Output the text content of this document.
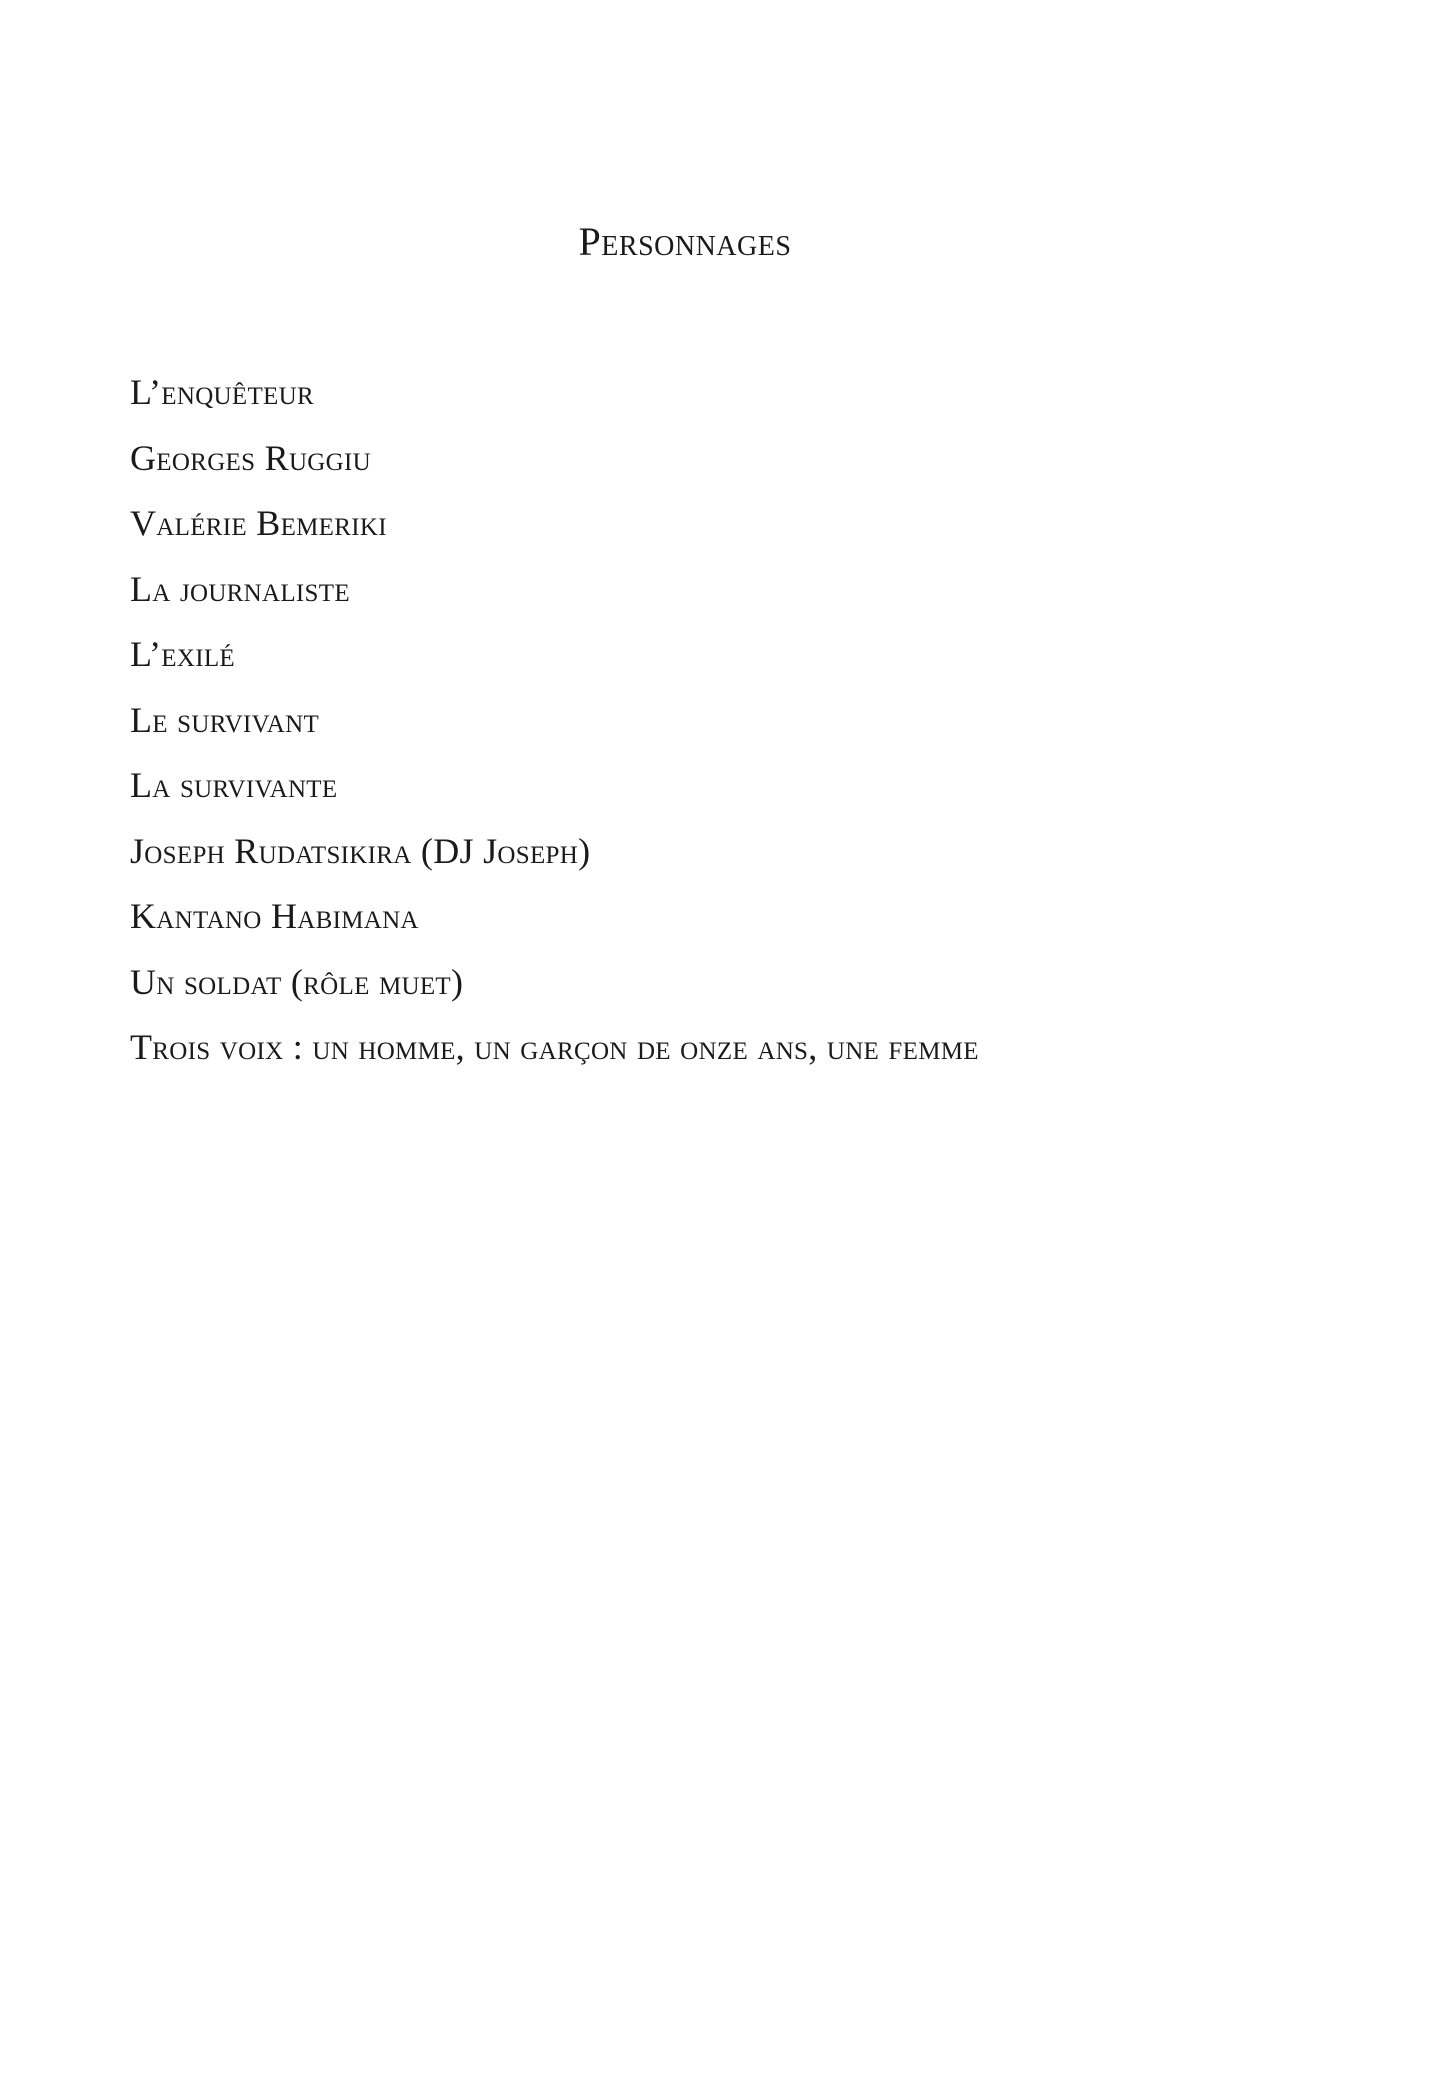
Personnages
L’enquêteur
Georges Ruggiu
Valérie Bemeriki
La journaliste
L’exilé
Le survivant
La survivante
Joseph Rudatsikira (DJ Joseph)
Kantano Habimana
Un soldat (rôle muet)
Trois voix : un homme, un garçon de onze ans, une femme
